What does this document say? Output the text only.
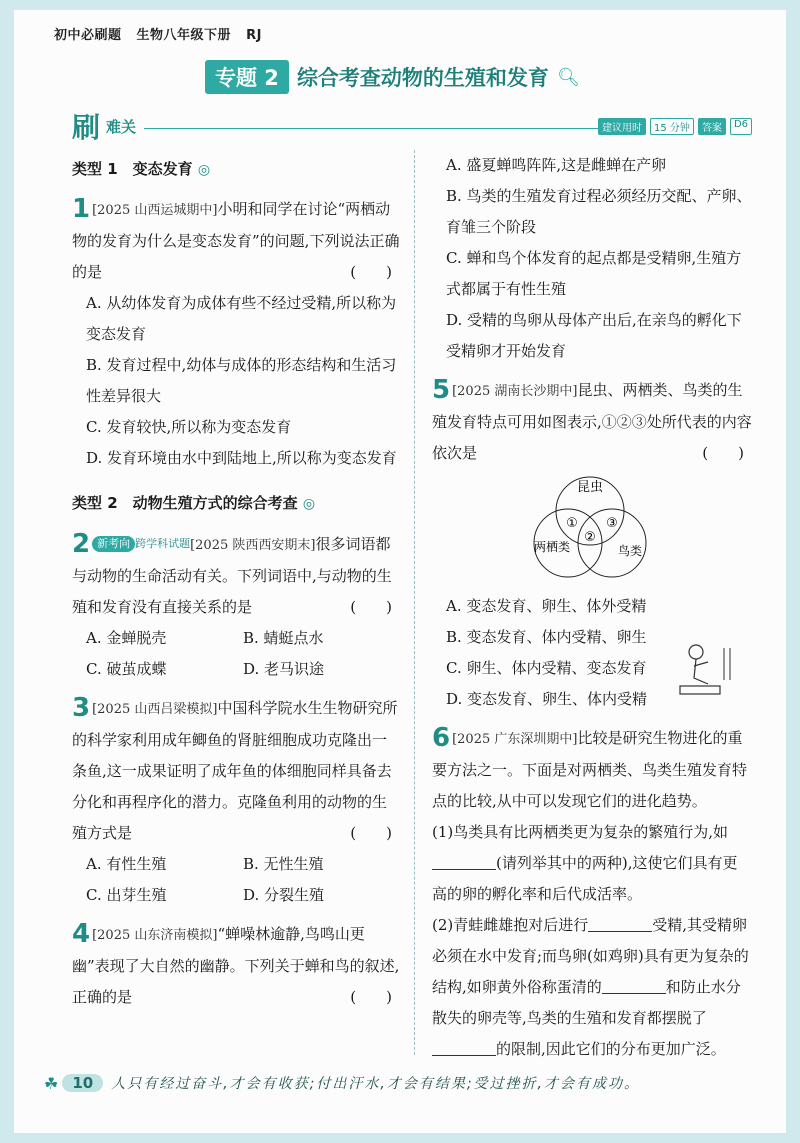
初中必刷题 生物八年级下册 RJ
专题 2 综合考查动物的生殖和发育 🔍︎
刷 难关	建议用时	15 分钟	答案	D6
类型 1　变态发育 ◎
1 [2025 山西运城期中]小明和同学在讨论“两栖动物的发育为什么是变态发育”的问题,下列说法正确的是	(　　)
A. 从幼体发育为成体有些不经过受精,所以称为变态发育
B. 发育过程中,幼体与成体的形态结构和生活习性差异很大
C. 发育较快,所以称为变态发育
D. 发育环境由水中到陆地上,所以称为变态发育
类型 2　动物生殖方式的综合考查 ◎
2 新考向 跨学科试题[2025 陕西西安期末]很多词语都与动物的生命活动有关。下列词语中,与动物的生殖和发育没有直接关系的是	(　　)
A. 金蝉脱壳	B. 蜻蜓点水
C. 破茧成蝶	D. 老马识途
3 [2025 山西吕梁模拟]中国科学院水生生物研究所的科学家利用成年鲫鱼的肾脏细胞成功克隆出一条鱼,这一成果证明了成年鱼的体细胞同样具备去分化和再程序化的潜力。克隆鱼利用的动物的生殖方式是	(　　)
A. 有性生殖	B. 无性生殖
C. 出芽生殖	D. 分裂生殖
4 [2025 山东济南模拟]“蝉噪林逾静,鸟鸣山更幽”表现了大自然的幽静。下列关于蝉和鸟的叙述,正确的是	(　　)
A. 盛夏蝉鸣阵阵,这是雌蝉在产卵
B. 鸟类的生殖发育过程必须经历交配、产卵、育雏三个阶段
C. 蝉和鸟个体发育的起点都是受精卵,生殖方式都属于有性生殖
D. 受精的鸟卵从母体产出后,在亲鸟的孵化下受精卵才开始发育
5 [2025 湖南长沙期中]昆虫、两栖类、鸟类的生殖发育特点可用如图表示,①②③处所代表的内容依次是	(　　)
昆虫
两栖类	鸟类
①
②
③
A. 变态发育、卵生、体外受精
B. 变态发育、体内受精、卵生
C. 卵生、体内受精、变态发育
D. 变态发育、卵生、体内受精
6 [2025 广东深圳期中]比较是研究生物进化的重要方法之一。下面是对两栖类、鸟类生殖发育特点的比较,从中可以发现它们的进化趋势。
(1)鸟类具有比两栖类更为复杂的繁殖行为,如(请列举其中的两种),这使它们具有更高的卵的孵化率和后代成活率。
(2)青蛙雌雄抱对后进行	受精,其受精卵必须在水中发育;而鸟卵(如鸡卵)具有更为复杂的结构,如卵黄外俗称蛋清的	和防止水分散失的卵壳等,鸟类的生殖和发育都摆脱了的限制,因此它们的分布更加广泛。
☘ 10	人只有经过奋斗,才会有收获;付出汗水,才会有结果;受过挫折,才会有成功。
